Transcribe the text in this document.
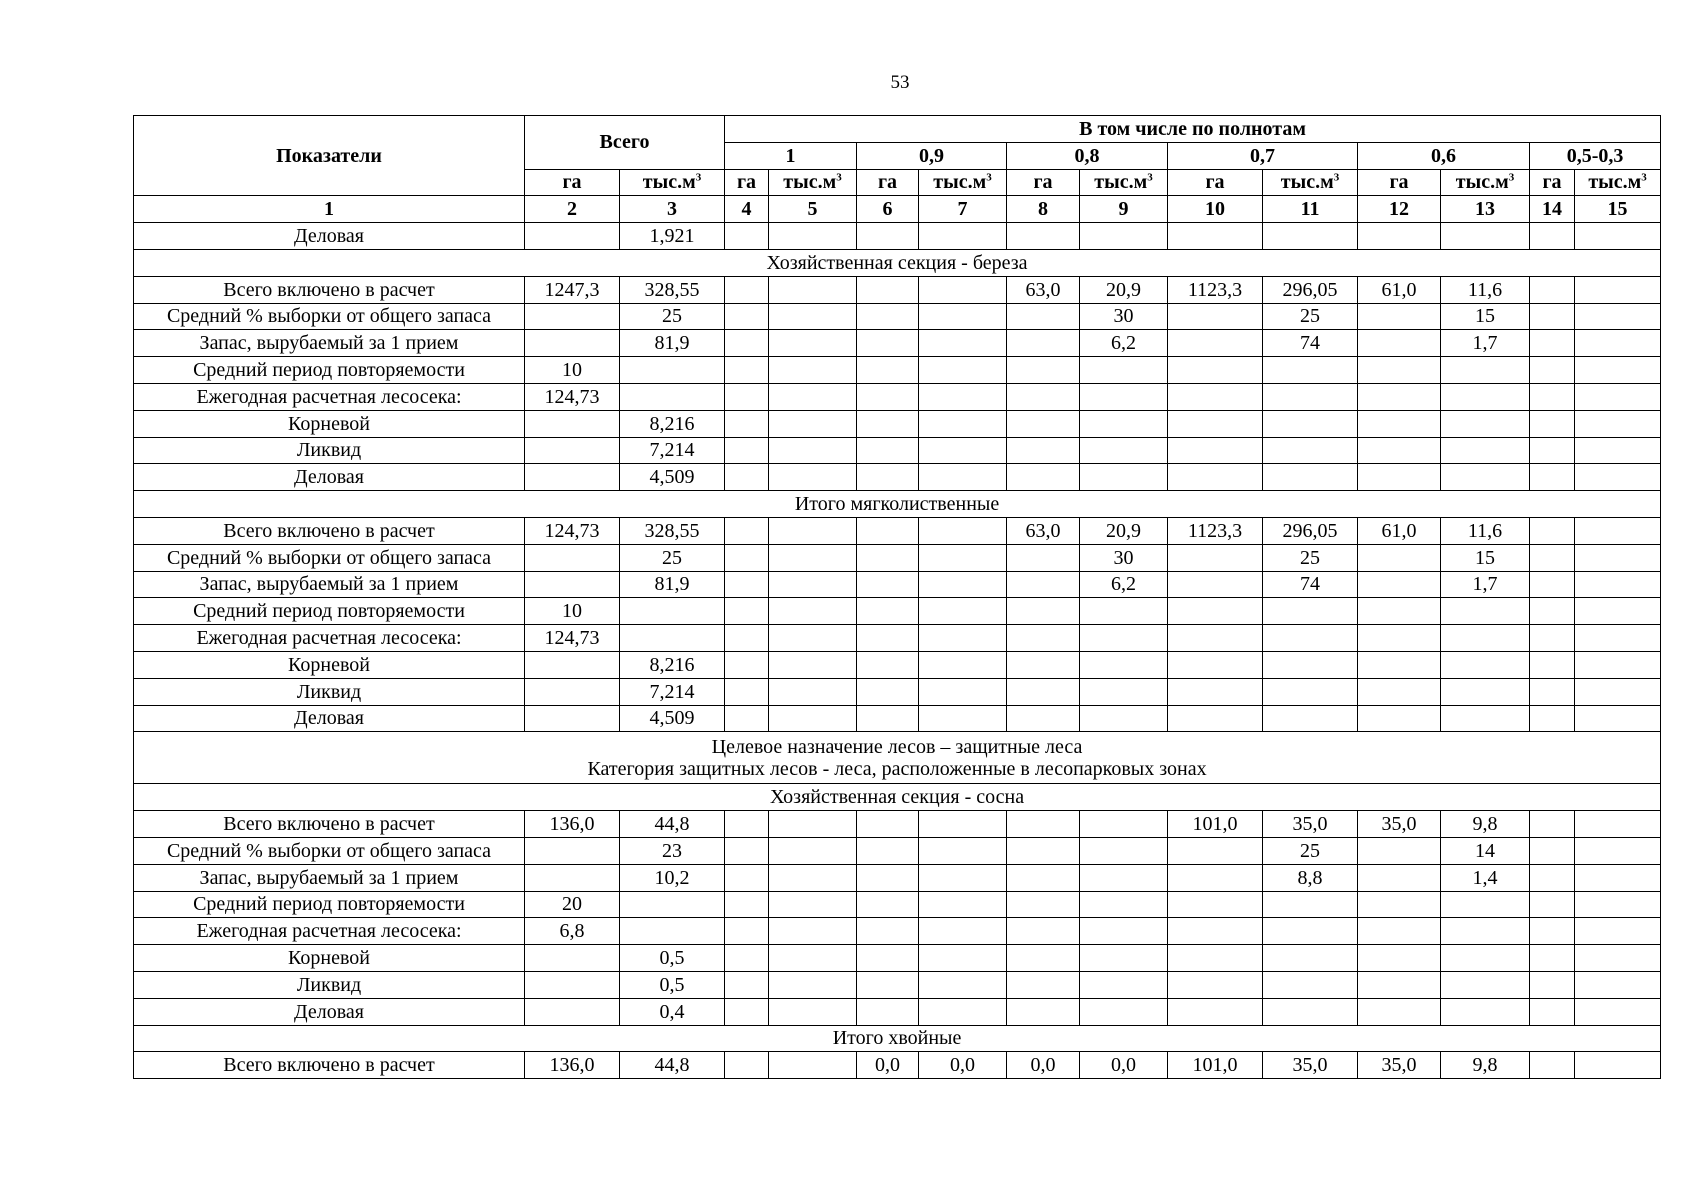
53
Показатели	Всего		В том числе по полнотам											
			1		0,9		0,8		0,7		0,6		0,5-0,3	
	га	$тыс.м^3$	га	$тыс.м^3$	га	$тыс.м^3$	га	$тыс.м^3$	га	$тыс.м^3$	га	$тыс.м^3$	га	$тыс.м^3$
1	2	3	4	5	6	7	8	9	10	11	12	13	14	15
Деловая		1,921												
Хозяйственная секция - береза														
Всего включено в расчет	1247,3	328,55					63,0	20,9	1123,3	296,05	61,0	11,6		
Средний % выборки от общего запаса		25						30		25		15		
Запас, вырубаемый за 1 прием		81,9						6,2		74		1,7		
Средний период повторяемости	10													
Ежегодная расчетная лесосека:	124,73													
Корневой		8,216												
Ликвид		7,214												
Деловая		4,509												
Итого мягколиственные														
Всего включено в расчет	124,73	328,55					63,0	20,9	1123,3	296,05	61,0	11,6		
Средний % выборки от общего запаса		25						30		25		15		
Запас, вырубаемый за 1 прием		81,9						6,2		74		1,7		
Средний период повторяемости	10													
Ежегодная расчетная лесосека:	124,73													
Корневой		8,216												
Ликвид		7,214												
Деловая		4,509												

Целевое назначение лесов – защитные леса
Категория защитных лесов - леса, расположенные в лесопарковых зонах														

Хозяйственная секция - сосна														
Всего включено в расчет	136,0	44,8							101,0	35,0	35,0	9,8		
Средний % выборки от общего запаса		23								25		14		
Запас, вырубаемый за 1 прием		10,2								8,8		1,4		
Средний период повторяемости	20													
Ежегодная расчетная лесосека:	6,8													
Корневой		0,5												
Ликвид		0,5												
Деловая		0,4												
Итого хвойные														
Всего включено в расчет	136,0	44,8			0,0	0,0	0,0	0,0	101,0	35,0	35,0	9,8		
